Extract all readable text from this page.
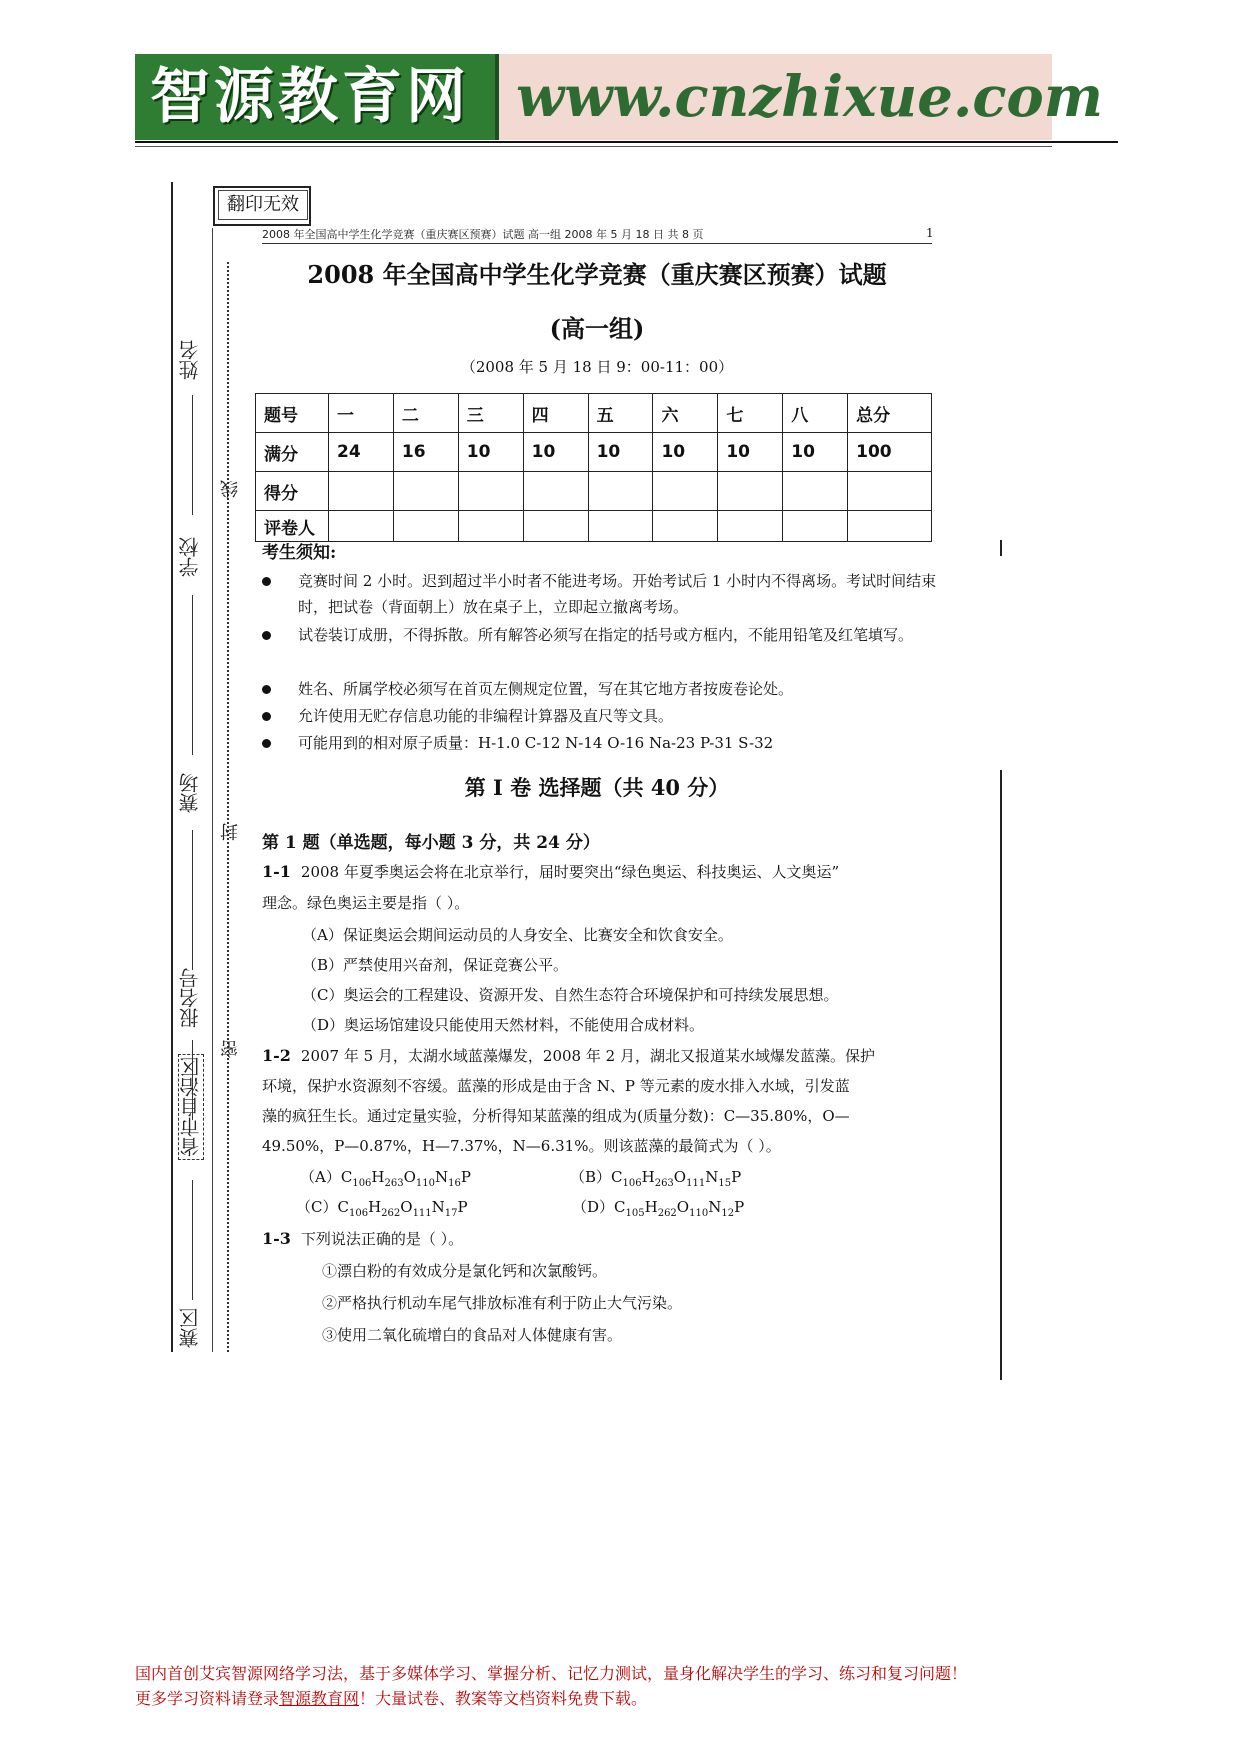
智源教育网 www.cnzhixue.com
翻印无效
姓名
学校
赛场
报名号
省市自治区
赛区
线
封
密
2008 年全国高中学生化学竞赛（重庆赛区预赛）试题 高一组 2008 年 5 月 18 日 共 8 页	1
2008 年全国高中学生化学竞赛（重庆赛区预赛）试题
(高一组)
（2008 年 5 月 18 日 9：00-11：00）
题号	一	二	三	四	五	六	七	八	总分
满分	24	16	10	10	10	10	10	10	100
得分									
评卷人									
考生须知:
竞赛时间 2 小时。迟到超过半小时者不能进考场。开始考试后 1 小时内不得离场。考试时间结束时，把试卷（背面朝上）放在桌子上，立即起立撤离考场。
试卷装订成册，不得拆散。所有解答必须写在指定的括号或方框内，不能用铅笔及红笔填写。
姓名、所属学校必须写在首页左侧规定位置，写在其它地方者按废卷论处。
允许使用无贮存信息功能的非编程计算器及直尺等文具。
可能用到的相对原子质量：H-1.0 C-12 N-14 O-16 Na-23 P-31 S-32
第 I 卷 选择题（共 40 分）
第 1 题（单选题，每小题 3 分，共 24 分）
1-1 2008 年夏季奥运会将在北京举行，届时要突出“绿色奥运、科技奥运、人文奥运”
理念。绿色奥运主要是指（ ）。
（A）保证奥运会期间运动员的人身安全、比赛安全和饮食安全。
（B）严禁使用兴奋剂，保证竞赛公平。
（C）奥运会的工程建设、资源开发、自然生态符合环境保护和可持续发展思想。
（D）奥运场馆建设只能使用天然材料，不能使用合成材料。
1-2 2007 年 5 月，太湖水域蓝藻爆发，2008 年 2 月，湖北又报道某水域爆发蓝藻。保护
环境，保护水资源刻不容缓。蓝藻的形成是由于含 N、P 等元素的废水排入水域，引发蓝
藻的疯狂生长。通过定量实验，分析得知某蓝藻的组成为(质量分数)：C—35.80%，O—
49.50%，P—0.87%，H—7.37%，N—6.31%。则该蓝藻的最简式为（ ）。
$(A)C_{106}H_{263}O_{110}N_{16}P$	$(B)C_{106}H_{263}O_{111}N_{15}P$
$(C)C_{106}H_{262}O_{111}N_{17}P$	$(D)C_{105}H_{262}O_{110}N_{12}P$
1-3 下列说法正确的是（ ）。
①漂白粉的有效成分是氯化钙和次氯酸钙。
②严格执行机动车尾气排放标准有利于防止大气污染。
③使用二氧化硫增白的食品对人体健康有害。
国内首创艾宾智源网络学习法，基于多媒体学习、掌握分析、记忆力测试，量身化解决学生的学习、练习和复习问题！
更多学习资料请登录智源教育网！大量试卷、教案等文档资料免费下载。
